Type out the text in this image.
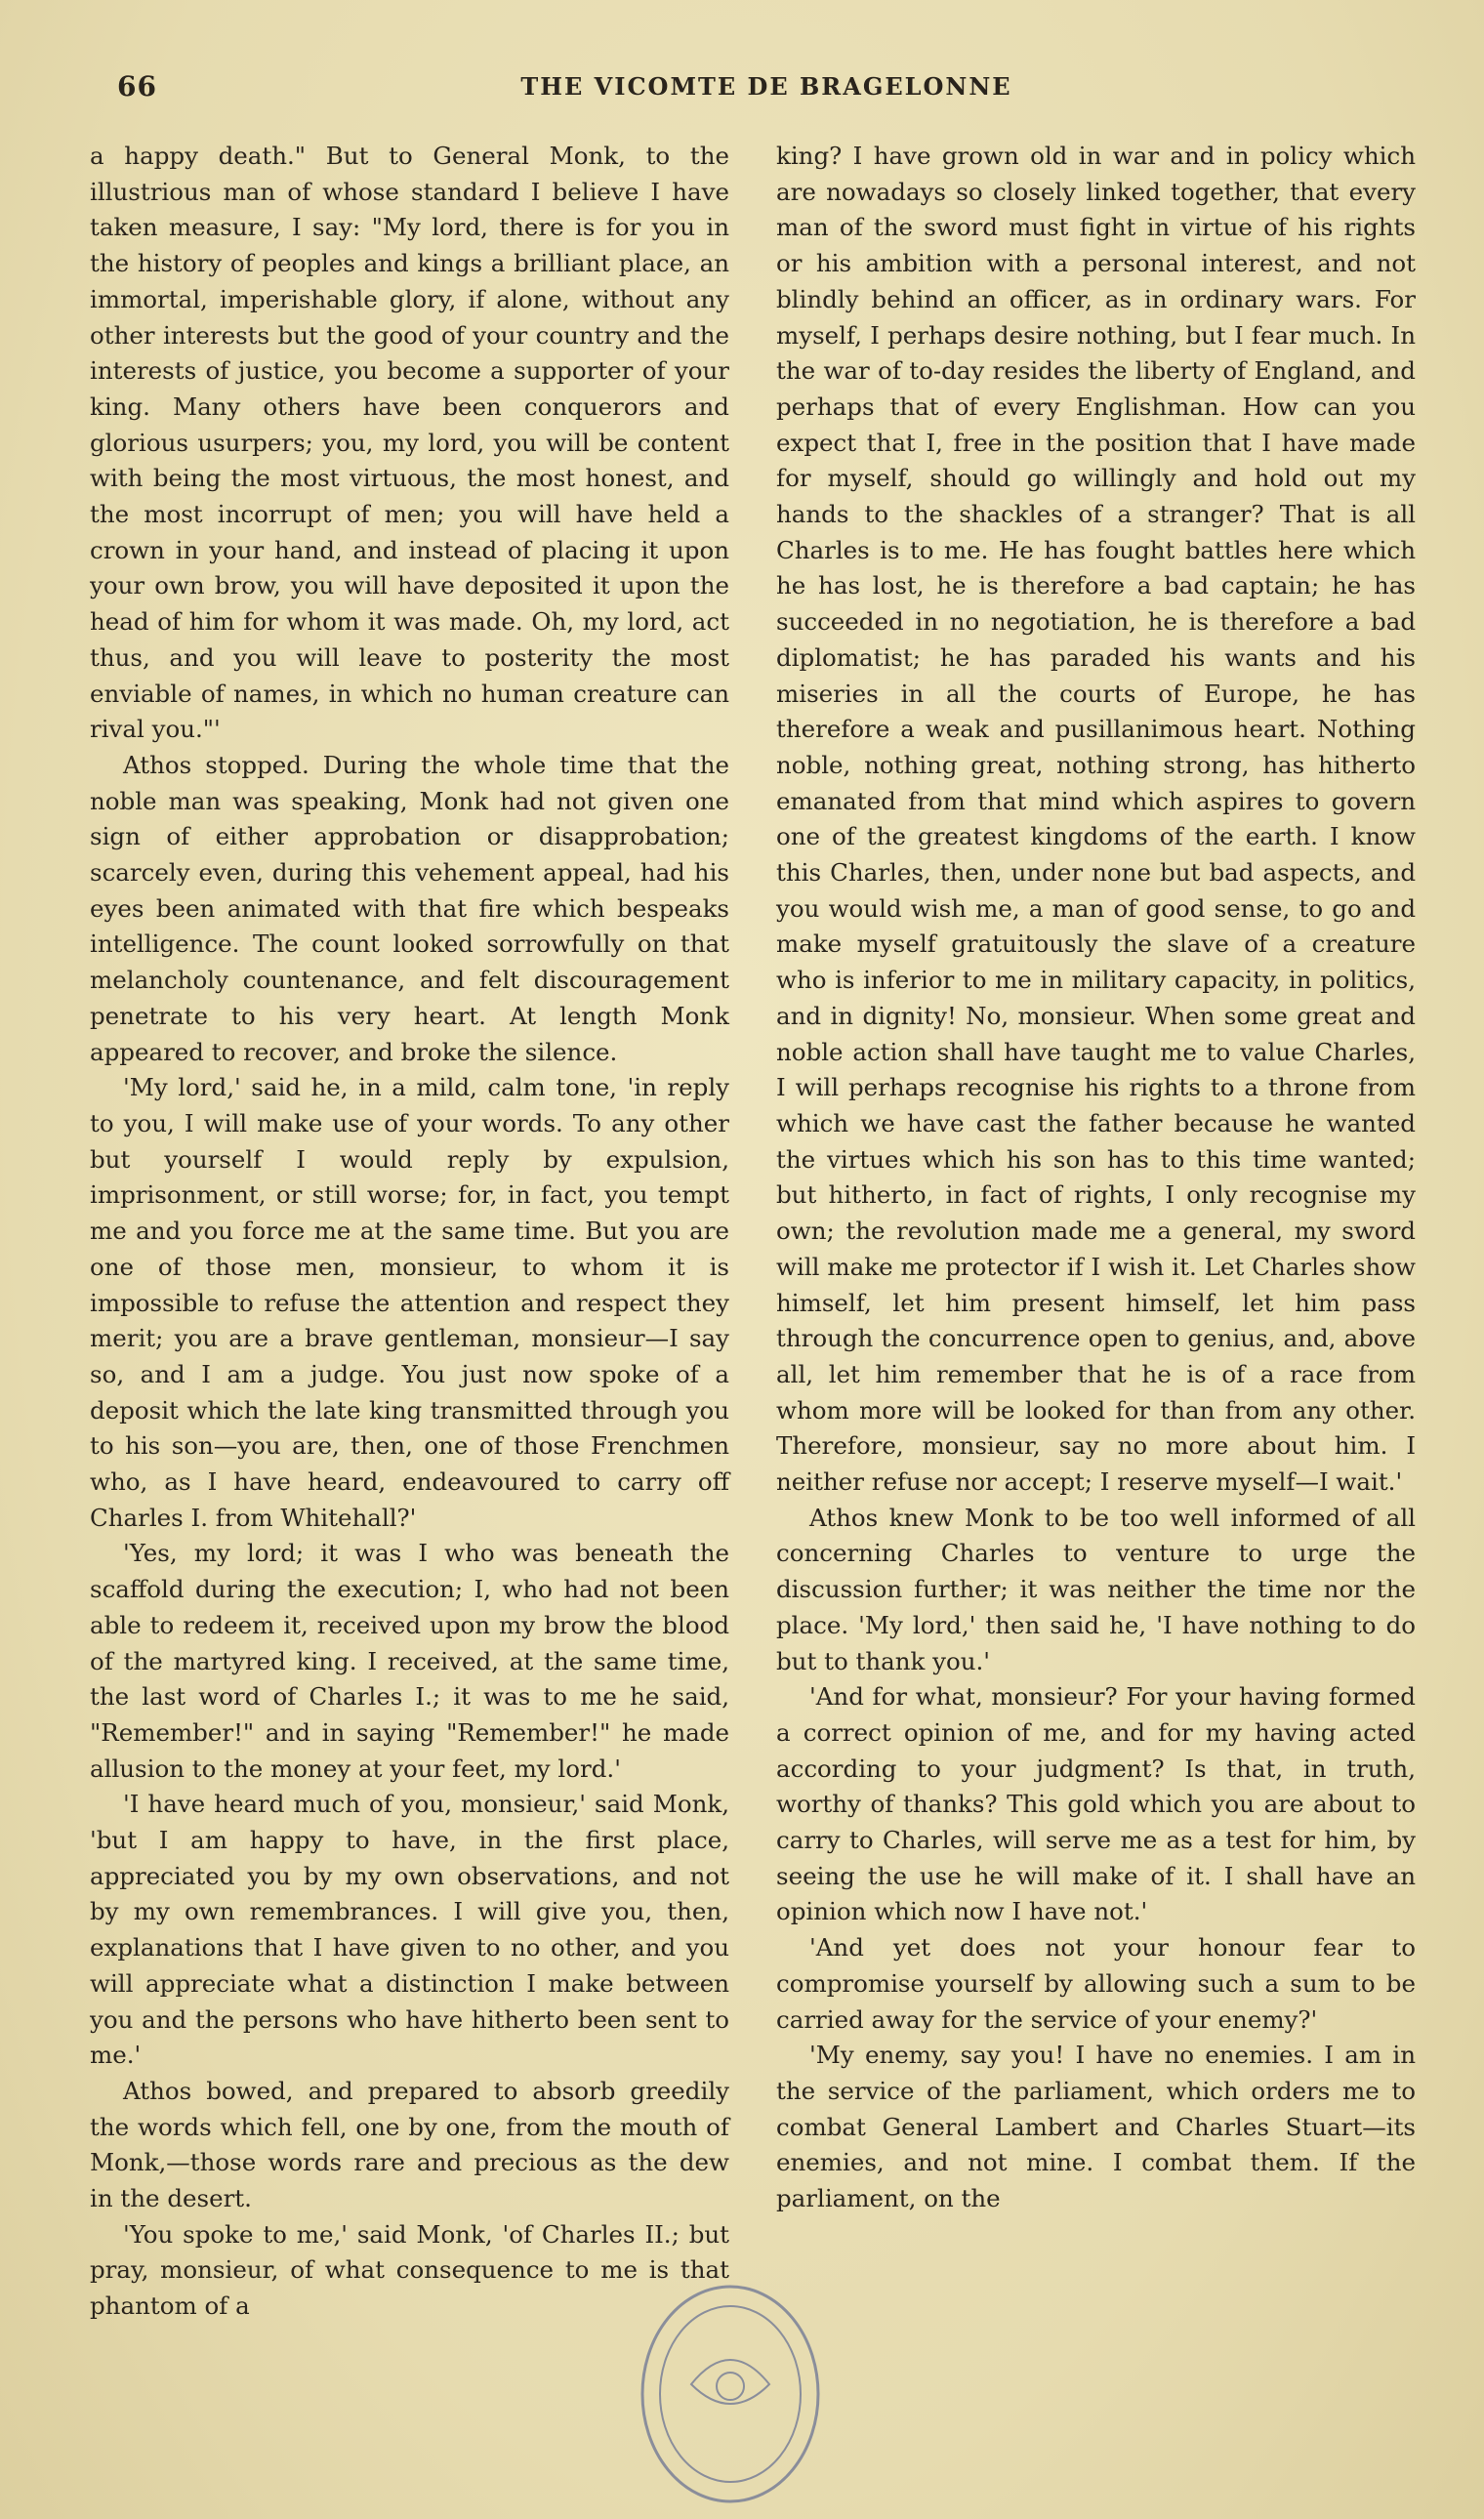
66	THE VICOMTE DE BRAGELONNE

a happy death." But to General Monk, to the illustrious man of whose standard I believe I have taken measure, I say: "My lord, there is for you in the history of peoples and kings a brilliant place, an immortal, imperishable glory, if alone, without any other interests but the good of your country and the interests of justice, you become a supporter of your king. Many others have been conquerors and glorious usurpers; you, my lord, you will be content with being the most virtuous, the most honest, and the most incorrupt of men; you will have held a crown in your hand, and instead of placing it upon your own brow, you will have deposited it upon the head of him for whom it was made. Oh, my lord, act thus, and you will leave to posterity the most enviable of names, in which no human creature can rival you."'

Athos stopped. During the whole time that the noble man was speaking, Monk had not given one sign of either approbation or disapprobation; scarcely even, during this vehement appeal, had his eyes been animated with that fire which bespeaks intelligence. The count looked sorrowfully on that melancholy countenance, and felt discouragement penetrate to his very heart. At length Monk appeared to recover, and broke the silence.

'My lord,' said he, in a mild, calm tone, 'in reply to you, I will make use of your words. To any other but yourself I would reply by expulsion, imprisonment, or still worse; for, in fact, you tempt me and you force me at the same time. But you are one of those men, monsieur, to whom it is impossible to refuse the attention and respect they merit; you are a brave gentleman, monsieur—I say so, and I am a judge. You just now spoke of a deposit which the late king transmitted through you to his son—you are, then, one of those Frenchmen who, as I have heard, endeavoured to carry off Charles I. from Whitehall?'

'Yes, my lord; it was I who was beneath the scaffold during the execution; I, who had not been able to redeem it, received upon my brow the blood of the martyred king. I received, at the same time, the last word of Charles I.; it was to me he said, "Remember!" and in saying "Remember!" he made allusion to the money at your feet, my lord.'

'I have heard much of you, monsieur,' said Monk, 'but I am happy to have, in the first place, appreciated you by my own observations, and not by my own remembrances. I will give you, then, explanations that I have given to no other, and you will appreciate what a distinction I make between you and the persons who have hitherto been sent to me.'

Athos bowed, and prepared to absorb greedily the words which fell, one by one, from the mouth of Monk,—those words rare and precious as the dew in the desert.

'You spoke to me,' said Monk, 'of Charles II.; but pray, monsieur, of what consequence to me is that phantom of a

king? I have grown old in war and in policy which are nowadays so closely linked together, that every man of the sword must fight in virtue of his rights or his ambition with a personal interest, and not blindly behind an officer, as in ordinary wars. For myself, I perhaps desire nothing, but I fear much. In the war of to-day resides the liberty of England, and perhaps that of every Englishman. How can you expect that I, free in the position that I have made for myself, should go willingly and hold out my hands to the shackles of a stranger? That is all Charles is to me. He has fought battles here which he has lost, he is therefore a bad captain; he has succeeded in no negotiation, he is therefore a bad diplomatist; he has paraded his wants and his miseries in all the courts of Europe, he has therefore a weak and pusillanimous heart. Nothing noble, nothing great, nothing strong, has hitherto emanated from that mind which aspires to govern one of the greatest kingdoms of the earth. I know this Charles, then, under none but bad aspects, and you would wish me, a man of good sense, to go and make myself gratuitously the slave of a creature who is inferior to me in military capacity, in politics, and in dignity! No, monsieur. When some great and noble action shall have taught me to value Charles, I will perhaps recognise his rights to a throne from which we have cast the father because he wanted the virtues which his son has to this time wanted; but hitherto, in fact of rights, I only recognise my own; the revolution made me a general, my sword will make me protector if I wish it. Let Charles show himself, let him present himself, let him pass through the concurrence open to genius, and, above all, let him remember that he is of a race from whom more will be looked for than from any other. Therefore, monsieur, say no more about him. I neither refuse nor accept; I reserve myself—I wait.'

Athos knew Monk to be too well informed of all concerning Charles to venture to urge the discussion further; it was neither the time nor the place. 'My lord,' then said he, 'I have nothing to do but to thank you.'

'And for what, monsieur? For your having formed a correct opinion of me, and for my having acted according to your judgment? Is that, in truth, worthy of thanks? This gold which you are about to carry to Charles, will serve me as a test for him, by seeing the use he will make of it. I shall have an opinion which now I have not.'

'And yet does not your honour fear to compromise yourself by allowing such a sum to be carried away for the service of your enemy?'

'My enemy, say you! I have no enemies. I am in the service of the parliament, which orders me to combat General Lambert and Charles Stuart—its enemies, and not mine. I combat them. If the parliament, on the
